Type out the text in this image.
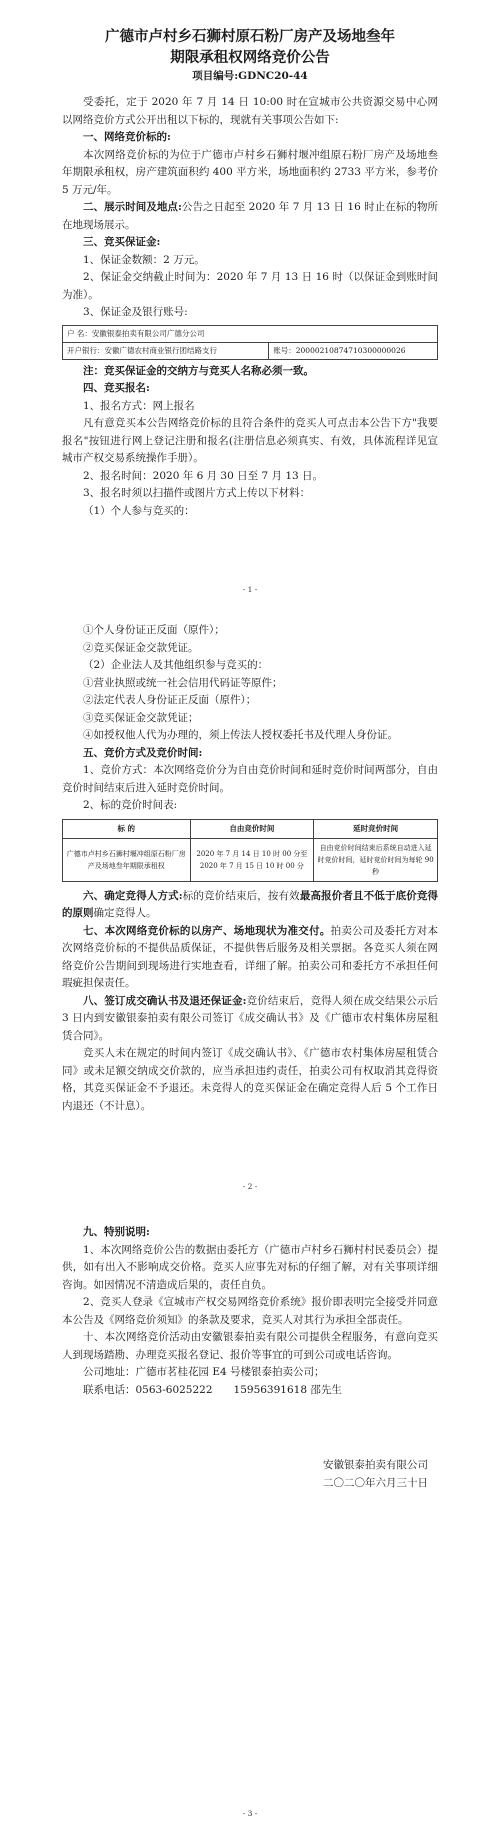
广德市卢村乡石狮村原石粉厂房产及场地叁年
期限承租权网络竞价公告
项目编号:GDNC20-44

受委托，定于 2020 年 7 月 14 日 10:00 时在宣城市公共资源交易中心网以网络竞价方式公开出租以下标的，现就有关事项公告如下:

一、网络竞价标的:

本次网络竞价标的为位于广德市卢村乡石狮村堰冲组原石粉厂房产及场地叁年期限承租权，房产建筑面积约 400 平方米，场地面积约 2733 平方米，参考价 5 万元/年。

二、展示时间及地点:公告之日起至 2020 年 7 月 13 日 16 时止在标的物所在地现场展示。

三、竞买保证金:

1、保证金数额：2 万元。

2、保证金交纳截止时间为：2020 年 7 月 13 日 16 时（以保证金到账时间为准）。

3、保证金及银行账号:

户 名：安徽银泰拍卖有限公司广德分公司
开户银行：安徽广德农村商业银行团结路支行	账号：20000210874710300000026

注：竞买保证金的交纳方与竞买人名称必须一致。

四、竞买报名:

1、报名方式：网上报名

凡有意竞买本公告网络竞价标的且符合条件的竞买人可点击本公告下方"我要报名"按钮进行网上登记注册和报名(注册信息必须真实、有效，具体流程详见宣城市产权交易系统操作手册）。

2、报名时间：2020 年 6 月 30 日至 7 月 13 日。

3、报名时须以扫描件或图片方式上传以下材料：

（1）个人参与竞买的：

- 1 -

①个人身份证正反面（原件）；

②竞买保证金交款凭证。

（2）企业法人及其他组织参与竞买的：

①营业执照或统一社会信用代码证等原件；

②法定代表人身份证正反面（原件）；

③竞买保证金交款凭证；

④如授权他人代为办理的，须上传法人授权委托书及代理人身份证。

五、竞价方式及竞价时间:

1、竞价方式：本次网络竞价分为自由竞价时间和延时竞价时间两部分，自由竞价时间结束后进入延时竞价时间。

2、标的竞价时间表:

标 的	自由竞价时间	延时竞价时间
广德市卢村乡石狮村堰冲组原石粉厂房产及场地叁年期限承租权	2020 年 7 月 14 日 10 时 00 分至 2020 年 7 月 15 日 10 时 00 分	自由竞价时间结束后系统自动进入延时竞价时间，延时竞价时间为每轮 90 秒

六、确定竞得人方式:标的竞价结束后，按有效最高报价者且不低于底价竞得的原则确定竞得人。

七、本次网络竞价标的以房产、场地现状为准交付。拍卖公司及委托方对本次网络竞价标的不提供品质保证，不提供售后服务及相关票据。各竞买人须在网络竞价公告期间到现场进行实地查看，详细了解。拍卖公司和委托方不承担任何瑕疵担保责任。

八、签订成交确认书及退还保证金:竞价结束后，竞得人须在成交结果公示后 3 日内到安徽银泰拍卖有限公司签订《成交确认书》及《广德市农村集体房屋租赁合同》。

竞买人未在规定的时间内签订《成交确认书》、《广德市农村集体房屋租赁合同》或未足额交纳成交价款的，应当承担违约责任，拍卖公司有权取消其竞得资格，其竞买保证金不予退还。未竞得人的竞买保证金在确定竞得人后 5 个工作日内退还（不计息）。

- 2 -

九、特别说明:

1、本次网络竞价公告的数据由委托方（广德市卢村乡石狮村村民委员会）提供，如有出入不影响成交价格。竞买人应事先对标的仔细了解，对有关事项详细咨询。如因情况不清造成后果的，责任自负。

2、竞买人登录《宣城市产权交易网络竞价系统》报价即表明完全接受并同意本公告及《网络竞价须知》的条款及要求，竞买人对其行为承担全部责任。

十、本次网络竞价活动由安徽银泰拍卖有限公司提供全程服务，有意向竞买人到现场踏勘、办理竞买报名登记、报价等事宜的可到公司或电话咨询。

公司地址：广德市茗桂花园 E4 号楼银泰拍卖公司；

联系电话：0563-6025222　　15956391618 邵先生

安徽银泰拍卖有限公司

二〇二〇年六月三十日

- 3 -
